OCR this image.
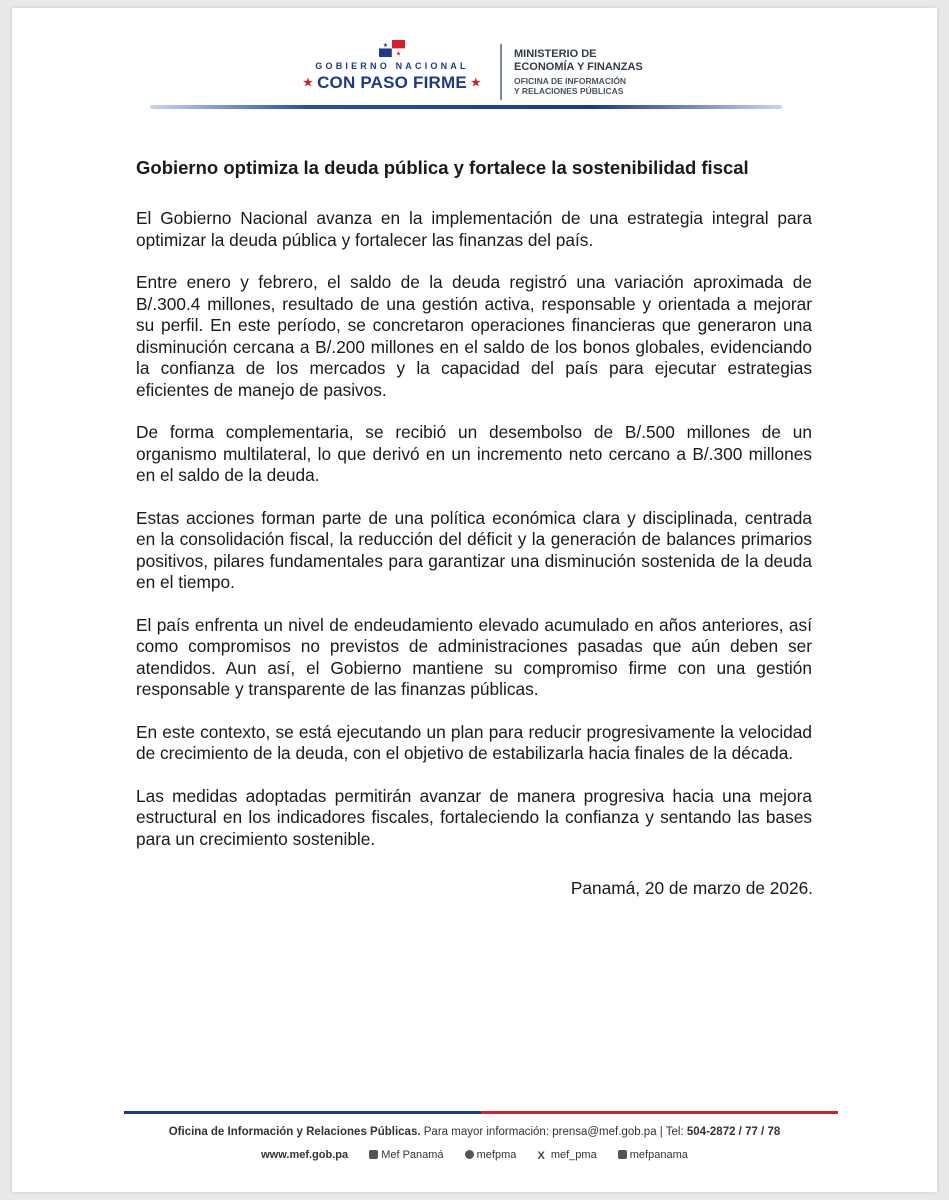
★
★
GOBIERNO NACIONAL
★ CON PASO FIRME ★
MINISTERIO DE
ECONOMÍA Y FINANZAS
OFICINA DE INFORMACIÓN
Y RELACIONES PÚBLICAS
Gobierno optimiza la deuda pública y fortalece la sostenibilidad fiscal

El Gobierno Nacional avanza en la implementación de una estrategia integral para optimizar la deuda pública y fortalecer las finanzas del país.

Entre enero y febrero, el saldo de la deuda registró una variación aproximada de B/.300.4 millones, resultado de una gestión activa, responsable y orientada a mejorar su perfil. En este período, se concretaron operaciones financieras que generaron una disminución cercana a B/.200 millones en el saldo de los bonos globales, evidenciando la confianza de los mercados y la capacidad del país para ejecutar estrategias eficientes de manejo de pasivos.

De forma complementaria, se recibió un desembolso de B/.500 millones de un organismo multilateral, lo que derivó en un incremento neto cercano a B/.300 millones en el saldo de la deuda.

Estas acciones forman parte de una política económica clara y disciplinada, centrada en la consolidación fiscal, la reducción del déficit y la generación de balances primarios positivos, pilares fundamentales para garantizar una disminución sostenida de la deuda en el tiempo.

El país enfrenta un nivel de endeudamiento elevado acumulado en años anteriores, así como compromisos no previstos de administraciones pasadas que aún deben ser atendidos. Aun así, el Gobierno mantiene su compromiso firme con una gestión responsable y transparente de las finanzas públicas.

En este contexto, se está ejecutando un plan para reducir progresivamente la velocidad de crecimiento de la deuda, con el objetivo de estabilizarla hacia finales de la década.

Las medidas adoptadas permitirán avanzar de manera progresiva hacia una mejora estructural en los indicadores fiscales, fortaleciendo la confianza y sentando las bases para un crecimiento sostenible.

Panamá, 20 de marzo de 2026.
Oficina de Información y Relaciones Públicas. Para mayor información: prensa@mef.gob.pa | Tel: 504-2872 / 77 / 78
www.mef.gob.pa	Mef Panamá	mefpma X mef_pma	mefpanama
